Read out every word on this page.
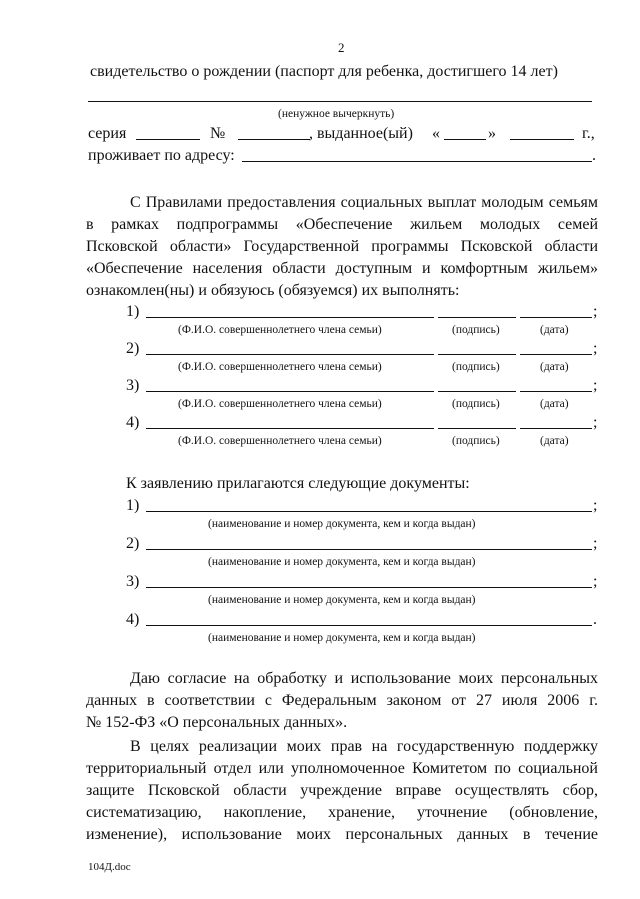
2
свидетельство о рождении (паспорт для ребенка, достигшего 14 лет)
(ненужное вычеркнуть)
серия	№	, выданное(ый) «	»	г.,
проживает по адресу:	.
С Правилами предоставления социальных выплат молодым семьям
в рамках подпрограммы «Обеспечение жильем молодых семей
Псковской области» Государственной программы Псковской области
«Обеспечение населения области доступным и комфортным жильем»
ознакомлен(ны) и обязуюсь (обязуемся) их выполнять:
1)	;
(Ф.И.О. совершеннолетнего члена семьи)	(подпись)	(дата)
2)	;
(Ф.И.О. совершеннолетнего члена семьи)	(подпись)	(дата)
3)	;
(Ф.И.О. совершеннолетнего члена семьи)	(подпись)	(дата)
4)	;
(Ф.И.О. совершеннолетнего члена семьи)	(подпись)	(дата)
К заявлению прилагаются следующие документы:
1)	;
(наименование и номер документа, кем и когда выдан)
2)	;
(наименование и номер документа, кем и когда выдан)
3)	;
(наименование и номер документа, кем и когда выдан)
4)	.
(наименование и номер документа, кем и когда выдан)
Даю согласие на обработку и использование моих персональных
данных в соответствии с Федеральным законом от 27 июля 2006 г.
№ 152-ФЗ «О персональных данных».
В целях реализации моих прав на государственную поддержку
территориальный отдел или уполномоченное Комитетом по социальной
защите Псковской области учреждение вправе осуществлять сбор,
систематизацию, накопление, хранение, уточнение (обновление,
изменение), использование моих персональных данных в течение
104Д.doc
